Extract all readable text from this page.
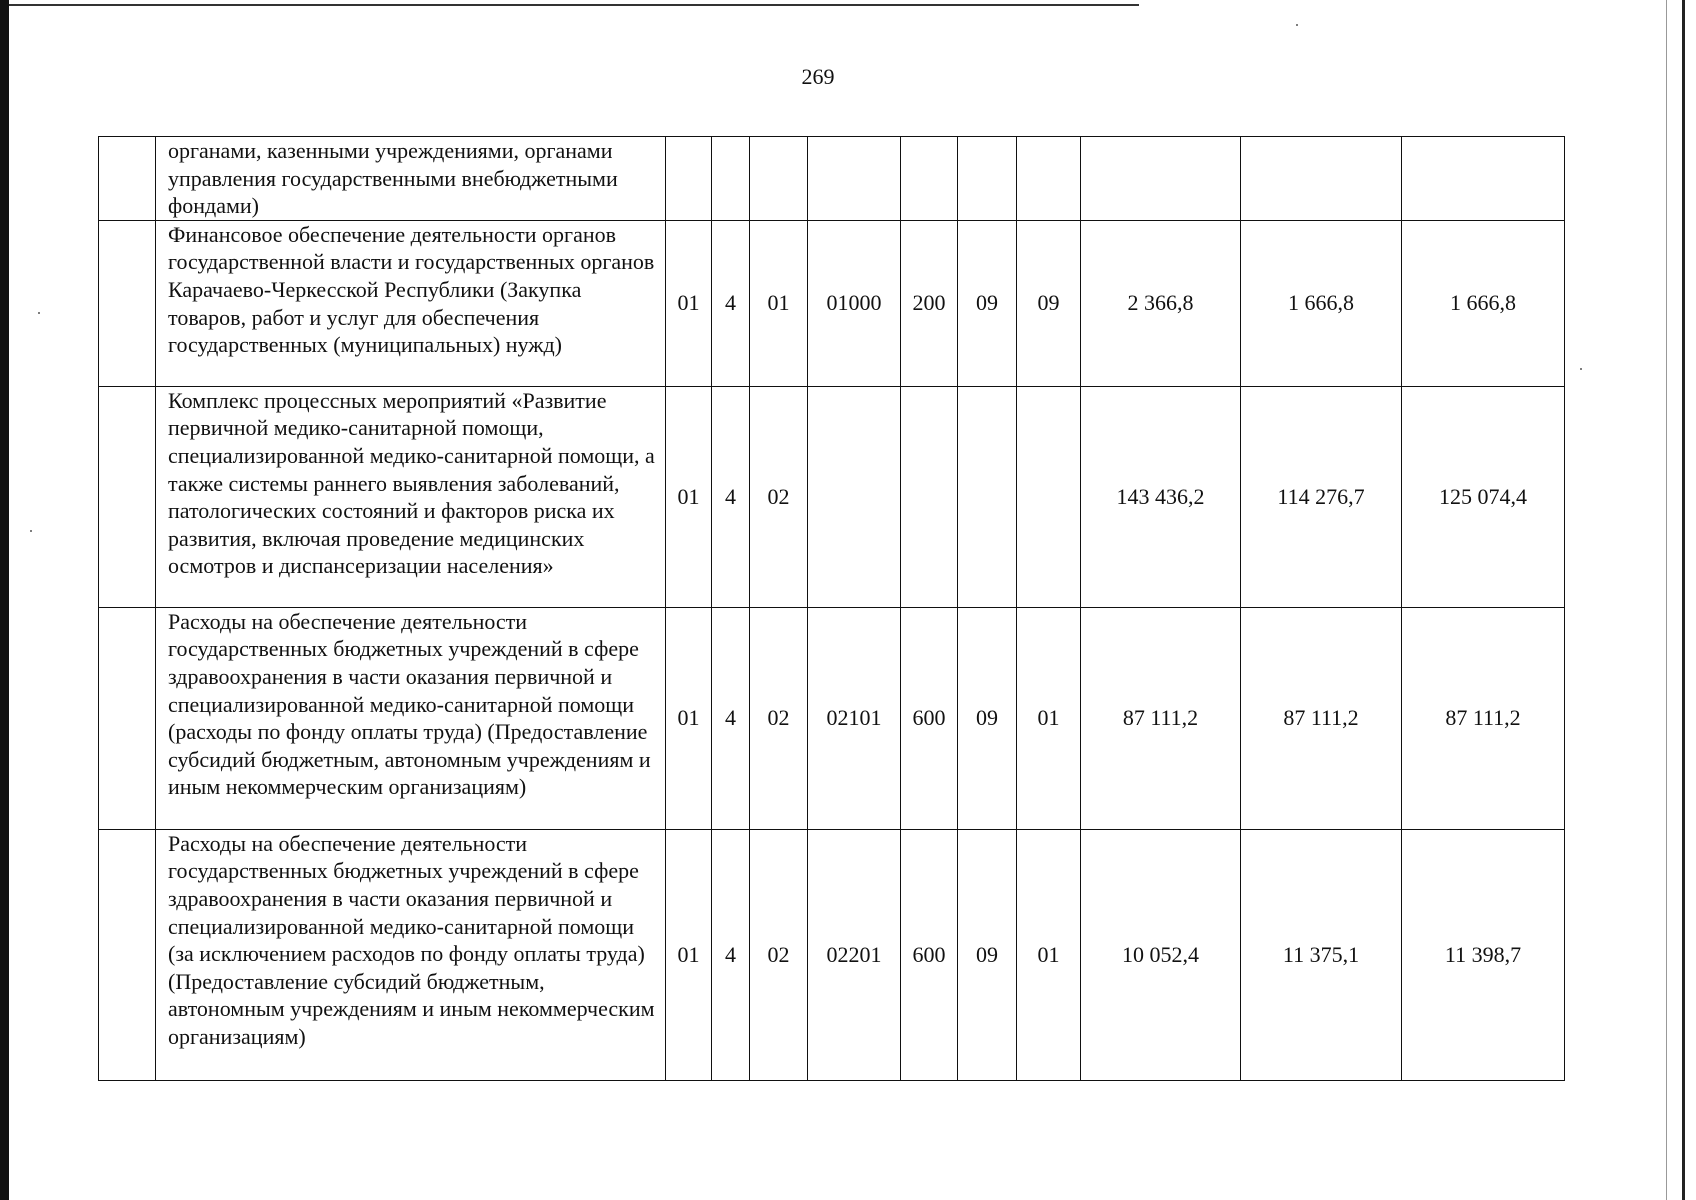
269
	органами, казенными учреждениями, органами управления государственными внебюджетными фондами)										
	Финансовое обеспечение деятельности органов государственной власти и государственных органов Карачаево-Черкесской Республики (Закупка товаров, работ и услуг для обеспечения государственных (муниципальных) нужд)	01	4	01	01000	200	09	09	2 366,8	1 666,8	1 666,8
	Комплекс процессных мероприятий «Развитие первичной медико-санитарной помощи, специализированной медико-санитарной помощи, а также системы раннего выявления заболеваний, патологических состояний и факторов риска их развития, включая проведение медицинских осмотров и диспансеризации населения»	01	4	02					143 436,2	114 276,7	125 074,4
	Расходы на обеспечение деятельности государственных бюджетных учреждений в сфере здравоохранения в части оказания первичной и специализированной медико-санитарной помощи (расходы по фонду оплаты труда) (Предоставление субсидий бюджетным, автономным учреждениям и иным некоммерческим организациям)	01	4	02	02101	600	09	01	87 111,2	87 111,2	87 111,2
	Расходы на обеспечение деятельности государственных бюджетных учреждений в сфере здравоохранения в части оказания первичной и специализированной медико-санитарной помощи (за исключением расходов по фонду оплаты труда) (Предоставление субсидий бюджетным, автономным учреждениям и иным некоммерческим организациям)	01	4	02	02201	600	09	01	10 052,4	11 375,1	11 398,7
